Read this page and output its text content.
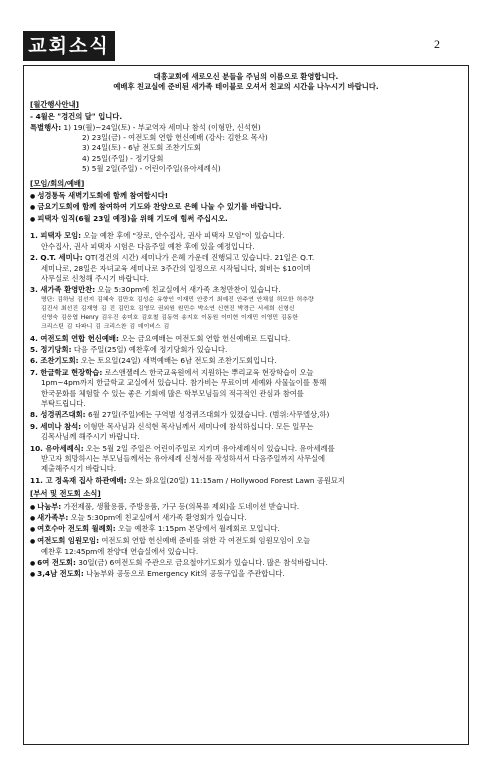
교회소식	2
대흥교회에 새로오신 분들을 주님의 이름으로 환영합니다.
예배후 친교실에 준비된 새가족 테이블로 오셔서 친교의 시간을 나누시기 바랍니다.
[월간행사안내]
- 4월은 "경건의 달" 입니다.
특별행사: 1) 19(월)~24일(토) - 부교역자 세미나 참석 (이형만, 신석현)
2) 23일(금) - 여전도회 연합 헌신예배 (강사: 김한요 목사)
3) 24일(토) - 6남 전도회 조찬기도회
4) 25일(주일) - 정기당회
5) 5월 2일(주일) - 어린이주일(유아세례식)
[모임/회의/예배]
● 성경통독 새벽기도회에 함께 참여합시다!
● 금요기도회에 함께 참여하여 기도와 찬양으로 은혜 나눌 수 있기를 바랍니다.
● 피택자 임직(6월 23일 예정)을 위해 기도에 힘써 주십시오.
1. 피택자 모임: 오늘 예찬 후에 "장로, 안수집사, 권사 피택자 모임"이 있습니다.
안수집사, 권사 피택자 시험은 다음주일 예찬 후에 있을 예정입니다.
2. Q.T. 세미나: QT(경건의 시간) 세미나가 은혜 가운데 진행되고 있습니다. 21일은 Q.T.
세미나로, 28일은 자녀교육 세미나로 3주간의 일정으로 시작됩니다, 회비는 $10이며
사무실로 신청해 주시기 바랍니다.
3. 새가족 환영만찬: 오늘 5:30pm에 친교실에서 새가족 초청만찬이 있습니다.
명단: 김하님 김선지 김혜숙 김만호 김성순 유향인 이재민 안중기 최예진 안주연 안채설 허모한 허추량
김진서 최선진 김재영 김 진 김민호 김영모 권외원 원민수 박소연 신현진 박경근 서세희 신형신
신영숙 김응엽 Henry 김우진 송미호 김호철 김동혁 송지호 이동원 이미현 이재민 이영민 김동한
크리스틴 김 다파니 김 크리스찬 김 데이비스 김
4. 여전도회 연합 헌신예배: 오는 금요예배는 여전도회 연합 헌신예배로 드립니다.
5. 정기당회: 다음 주일(25일) 예찬후에 정기당회가 있습니다.
6. 조찬기도회: 오는 토요일(24일) 새벽예배는 6남 전도회 조찬기도회입니다.
7. 한글학교 현장학습: 로스앤젤레스 한국교육원에서 지원하는 뿌리교육 현장학습이 오늘
1pm~4pm까지 한글학교 교실에서 있습니다. 참가비는 무료이며 세예와 사물놀이를 통해
한국문화를 체험할 수 있는 좋은 기회에 많은 학부모님들의 적극적인 관심과 참여를
부탁드립니다.
8. 성경퀴즈대회: 6월 27일(주일)에는 구역별 성경퀴즈대회가 있겠습니다. (범위:사무엘상,하)
9. 세미나 참석: 이형만 목사님과 신석현 목사님께서 세미나에 참석하십니다. 모든 일무는
김목사님께 해주시기 바랍니다.
10. 유아세례식: 오는 5월 2일 주일은 어린이주일로 지키며 유아세례식이 있습니다. 유아세례를
받고자 희망하시는 부모님들께서는 유아세례 신청서를 작성하셔서 다음주일까지 사무실에
제출해주시기 바랍니다.
11. 고 정옥재 집사 하관예배: 오는 화요일(20일) 11:15am / Hollywood Forest Lawn 공원묘지
[부서 및 전도회 소식]
● 나눔부: 가전제품, 생활용품, 주방용품, 가구 등(의복류 제외)을 도네이션 받습니다.
● 새가족부: 오늘 5:30pm에 친교실에서 새가족 환영회가 있습니다.
● 여호수아 전도회 월례회: 오늘 예찬후 1:15pm 본당에서 월례회로 모입니다.
● 여전도회 임원모임: 여전도회 연합 헌신예배 준비를 위한 각 여전도회 임원모임이 오늘
예찬후 12:45pm에 찬양대 연습실에서 있습니다.
● 6여 전도회: 30일(금) 6여전도회 주관으로 금요철야기도회가 있습니다. 많은 참석바랍니다.
● 3,4남 전도회: 나눔부와 공동으로 Emergency Kit의 공동구입을 주관합니다.
